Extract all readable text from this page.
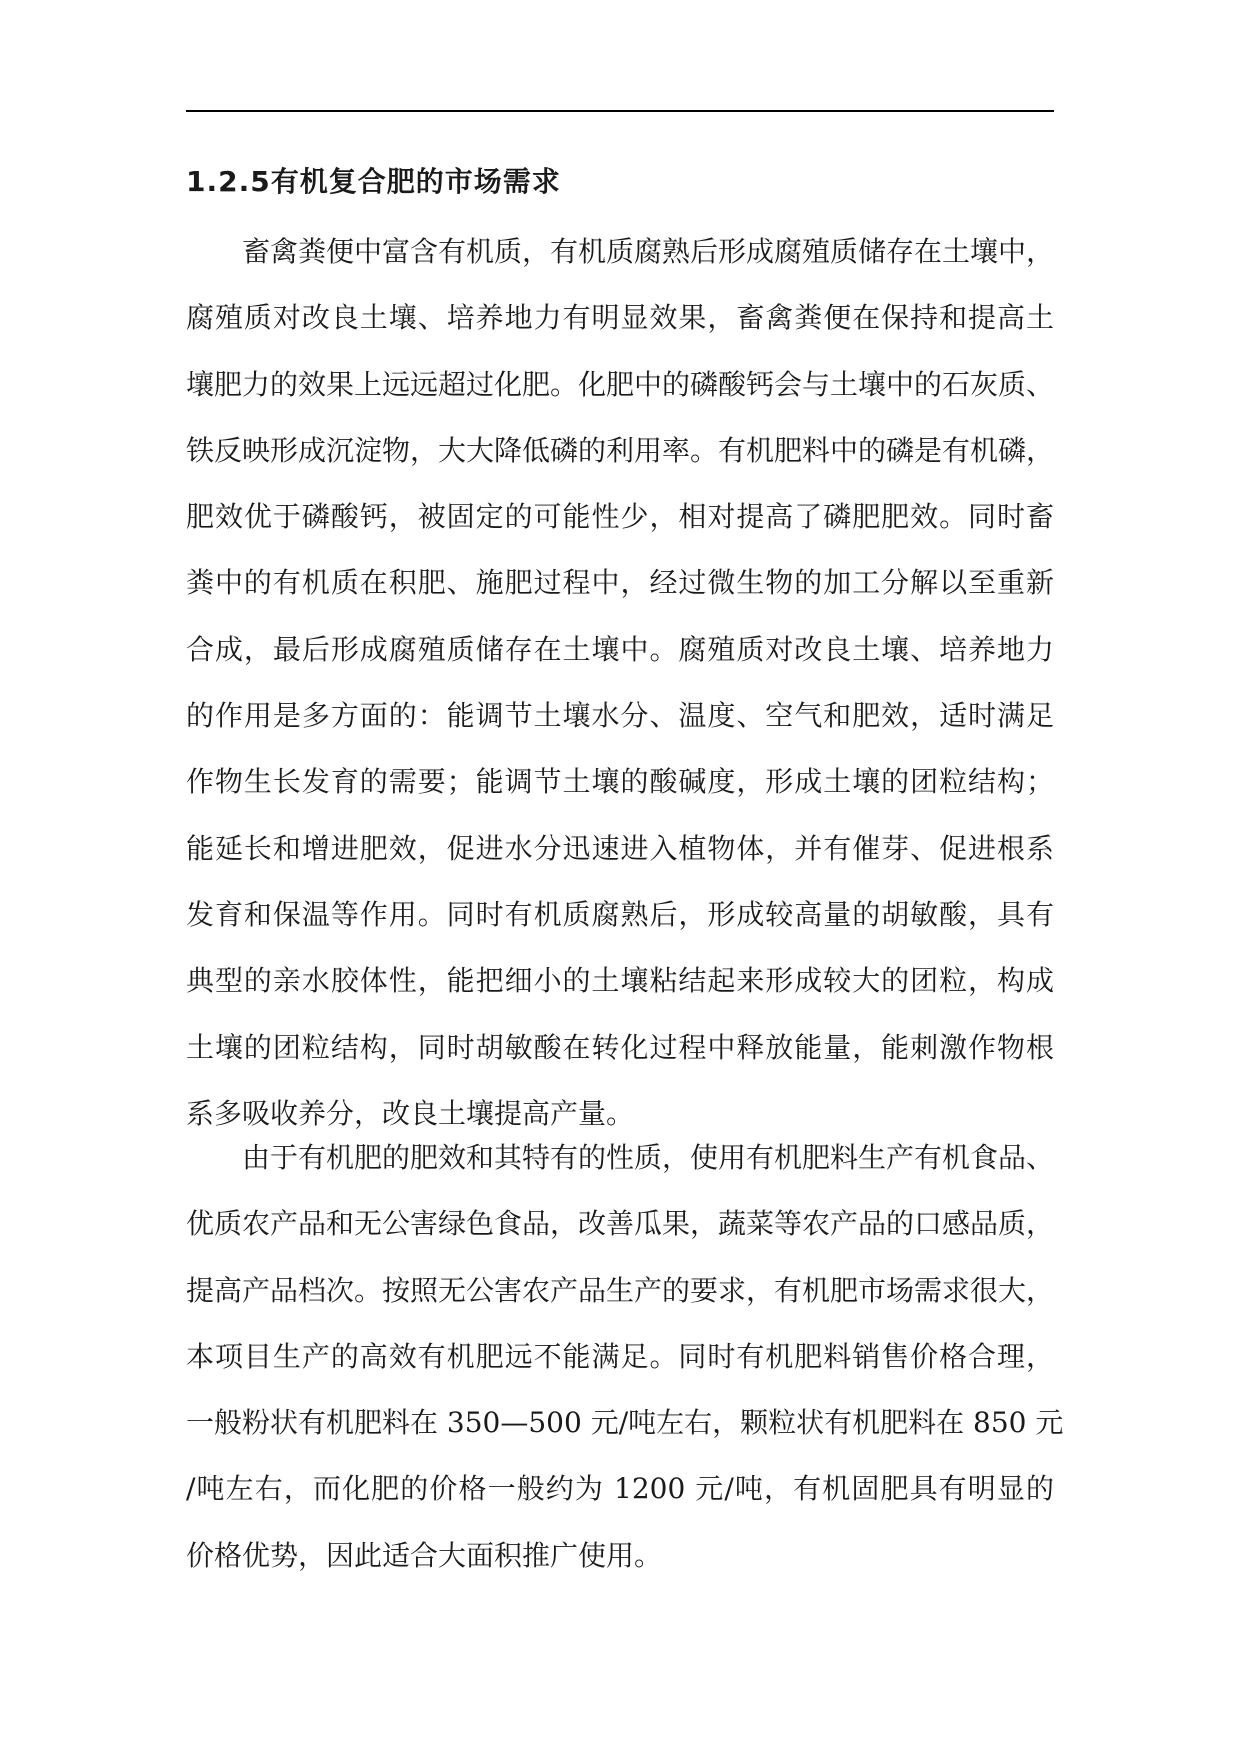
1.2.5有机复合肥的市场需求

畜禽粪便中富含有机质，有机质腐熟后形成腐殖质储存在土壤中，
腐殖质对改良土壤、培养地力有明显效果，畜禽粪便在保持和提高土
壤肥力的效果上远远超过化肥。化肥中的磷酸钙会与土壤中的石灰质、
铁反映形成沉淀物，大大降低磷的利用率。有机肥料中的磷是有机磷，
肥效优于磷酸钙，被固定的可能性少，相对提高了磷肥肥效。同时畜
粪中的有机质在积肥、施肥过程中，经过微生物的加工分解以至重新
合成，最后形成腐殖质储存在土壤中。腐殖质对改良土壤、培养地力
的作用是多方面的：能调节土壤水分、温度、空气和肥效，适时满足
作物生长发育的需要；能调节土壤的酸碱度，形成土壤的团粒结构；
能延长和增进肥效，促进水分迅速进入植物体，并有催芽、促进根系
发育和保温等作用。同时有机质腐熟后，形成较高量的胡敏酸，具有
典型的亲水胶体性，能把细小的土壤粘结起来形成较大的团粒，构成
土壤的团粒结构，同时胡敏酸在转化过程中释放能量，能刺激作物根
系多吸收养分，改良土壤提高产量。

由于有机肥的肥效和其特有的性质，使用有机肥料生产有机食品、
优质农产品和无公害绿色食品，改善瓜果，蔬菜等农产品的口感品质，
提高产品档次。按照无公害农产品生产的要求，有机肥市场需求很大，
本项目生产的高效有机肥远不能满足。同时有机肥料销售价格合理，
一般粉状有机肥料在 350—500 元/吨左右，颗粒状有机肥料在 850 元
/吨左右，而化肥的价格一般约为 1200 元/吨，有机固肥具有明显的
价格优势，因此适合大面积推广使用。
